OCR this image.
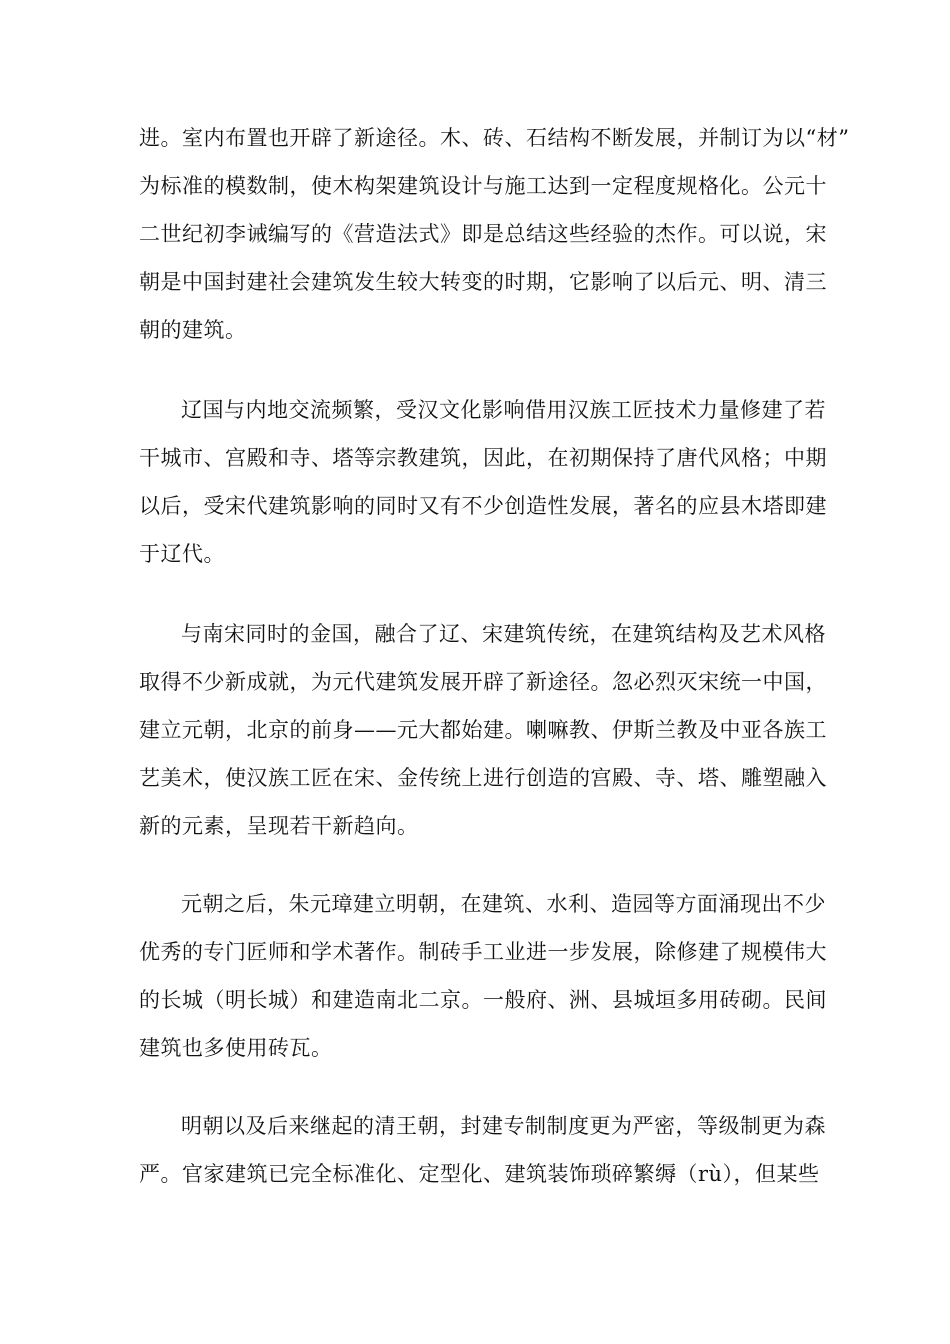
进。室内布置也开辟了新途径。木、砖、石结构不断发展，并制订为以“材”
为标准的模数制，使木构架建筑设计与施工达到一定程度规格化。公元十
二世纪初李诫编写的《营造法式》即是总结这些经验的杰作。可以说，宋
朝是中国封建社会建筑发生较大转变的时期，它影响了以后元、明、清三
朝的建筑。
辽国与内地交流频繁，受汉文化影响借用汉族工匠技术力量修建了若
干城市、宫殿和寺、塔等宗教建筑，因此，在初期保持了唐代风格；中期
以后，受宋代建筑影响的同时又有不少创造性发展，著名的应县木塔即建
于辽代。
与南宋同时的金国，融合了辽、宋建筑传统，在建筑结构及艺术风格
取得不少新成就，为元代建筑发展开辟了新途径。忽必烈灭宋统一中国，
建立元朝，北京的前身——元大都始建。喇嘛教、伊斯兰教及中亚各族工
艺美术，使汉族工匠在宋、金传统上进行创造的宫殿、寺、塔、雕塑融入
新的元素，呈现若干新趋向。
元朝之后，朱元璋建立明朝，在建筑、水利、造园等方面涌现出不少
优秀的专门匠师和学术著作。制砖手工业进一步发展，除修建了规模伟大
的长城（明长城）和建造南北二京。一般府、洲、县城垣多用砖砌。民间
建筑也多使用砖瓦。
明朝以及后来继起的清王朝，封建专制制度更为严密，等级制更为森
严。官家建筑已完全标准化、定型化、建筑装饰琐碎繁缛（rù），但某些
